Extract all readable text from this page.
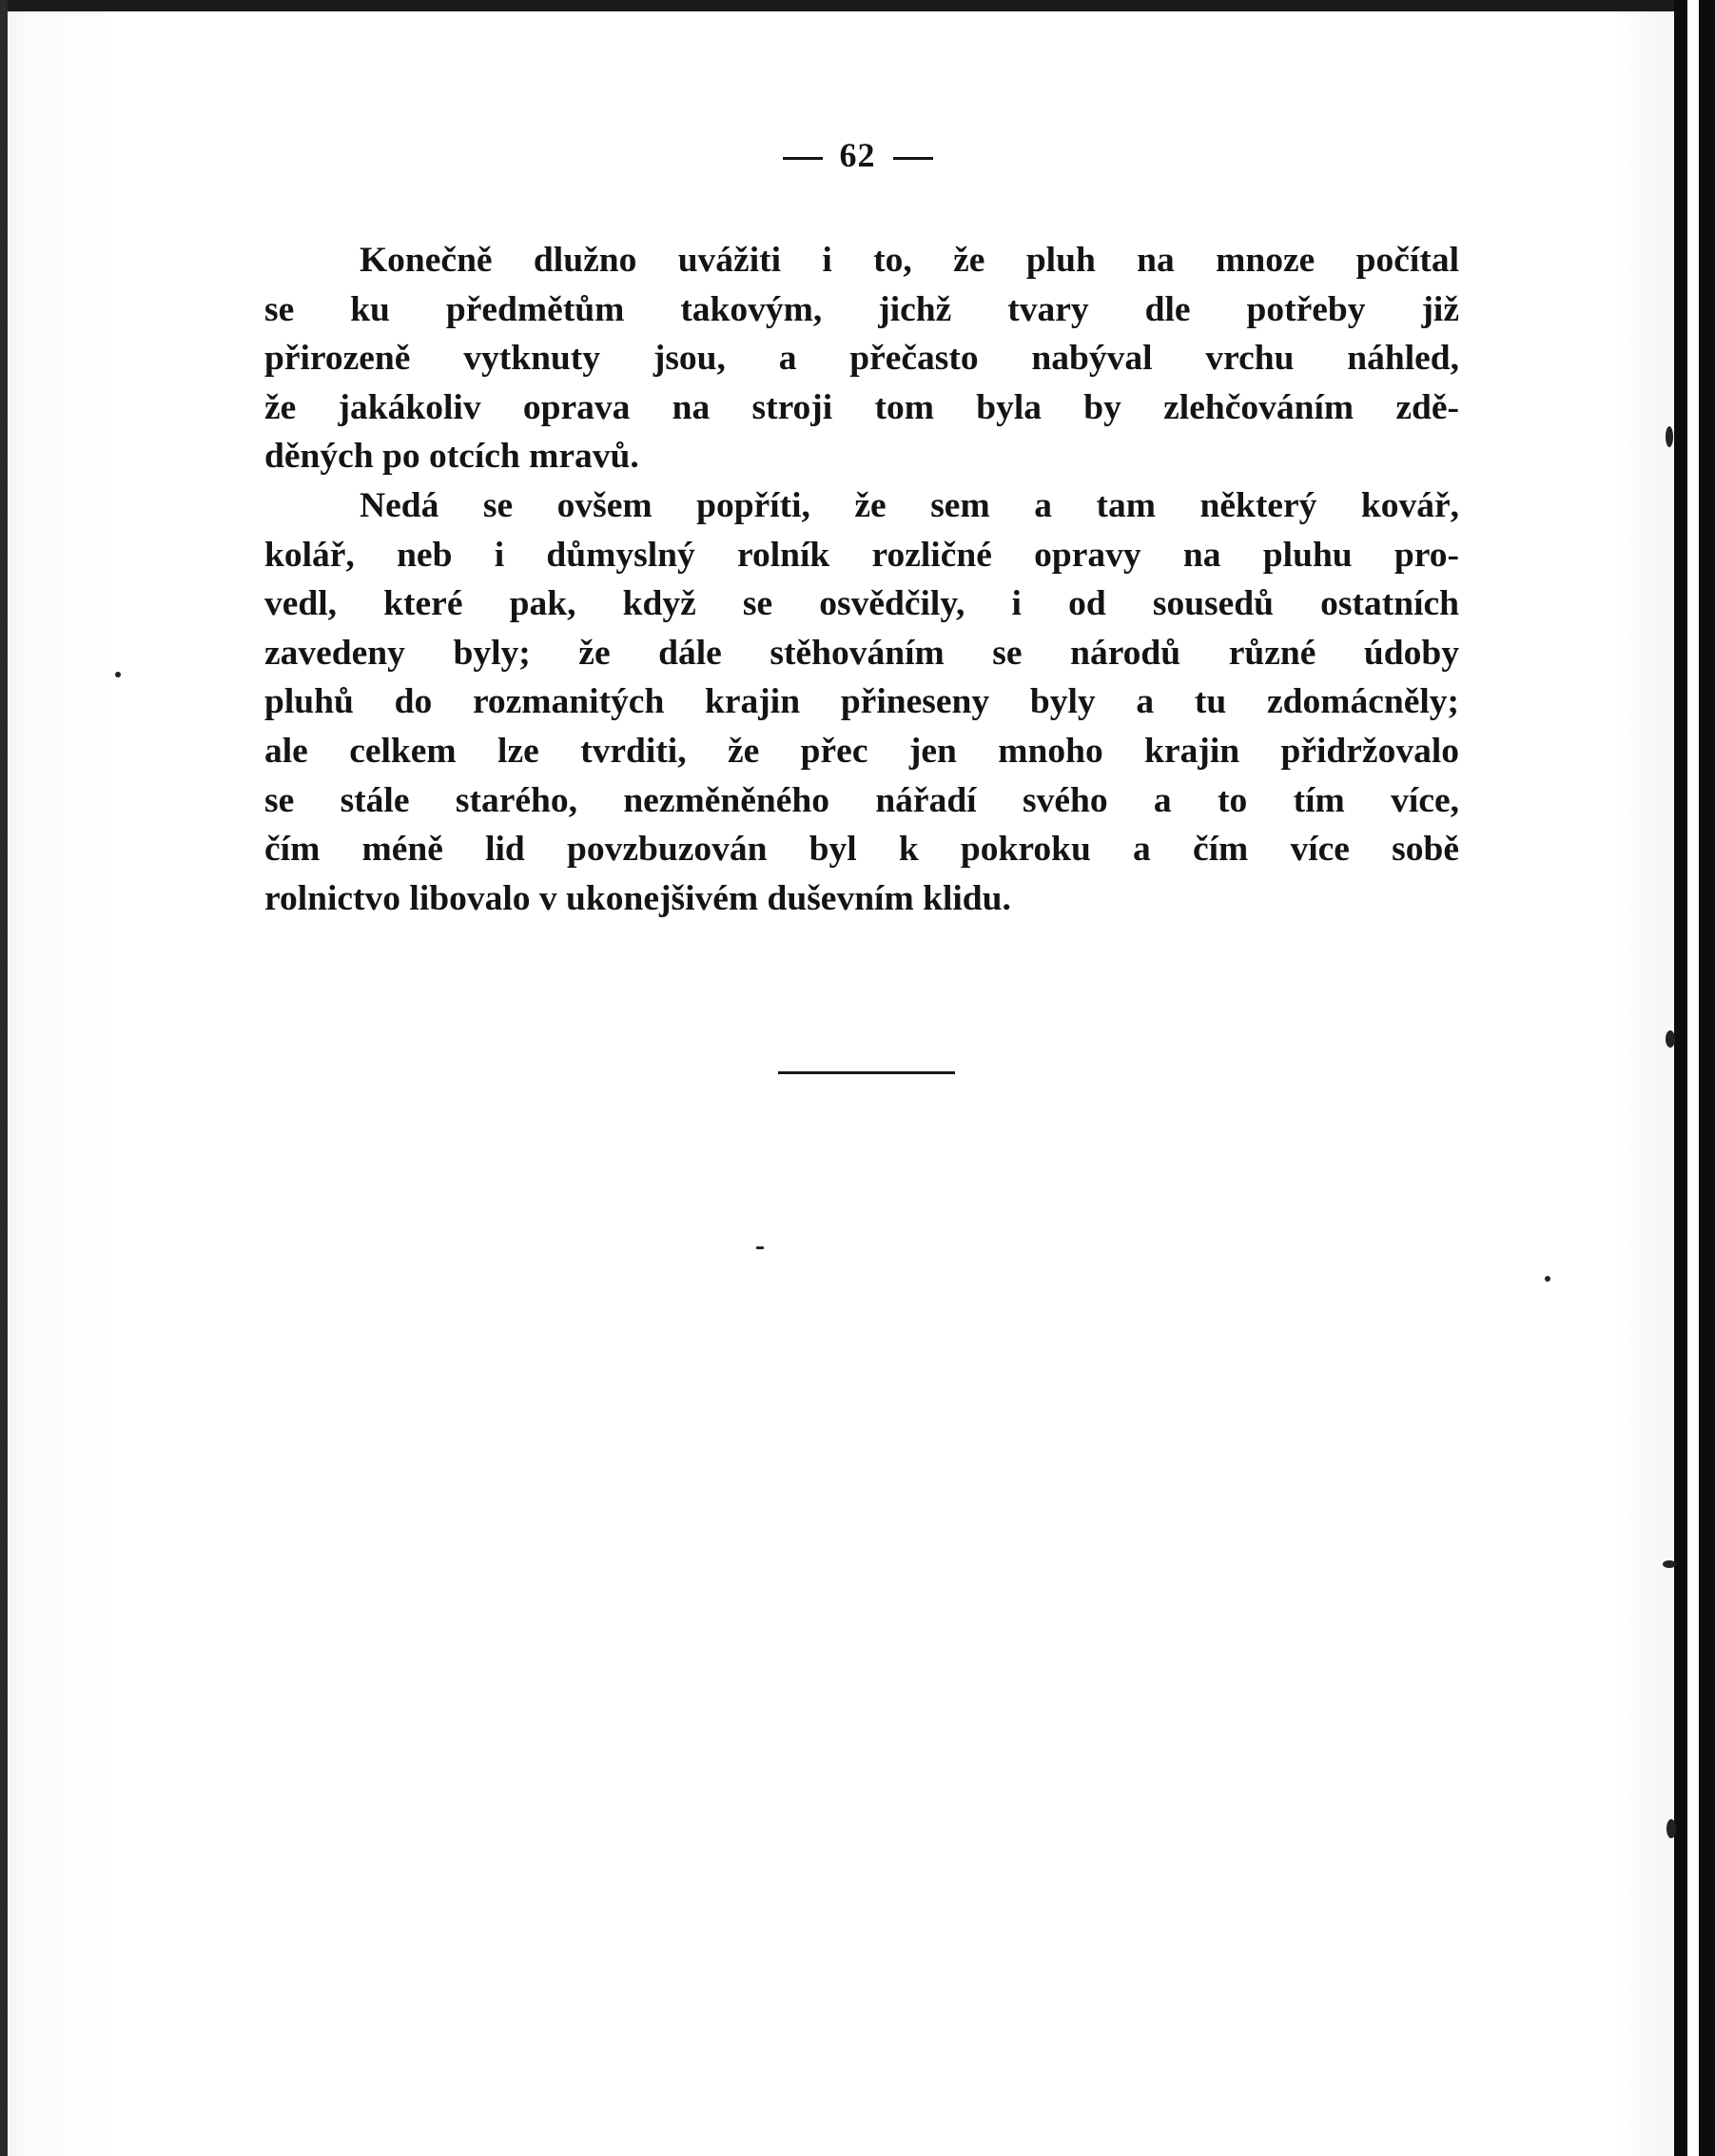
62

Konečně dlužno uvážiti i to, že pluh na mnoze počítal
se ku předmětům takovým, jichž tvary dle potřeby již
přirozeně vytknuty jsou, a přečasto nabýval vrchu náhled,
že jakákoliv oprava na stroji tom byla by zlehčováním zdě-
děných po otcích mravů.

Nedá se ovšem popříti, že sem a tam některý kovář,
kolář, neb i důmyslný rolník rozličné opravy na pluhu pro-
vedl, které pak, když se osvědčily, i od sousedů ostatních
zavedeny byly; že dále stěhováním se národů různé údoby
pluhů do rozmanitých krajin přineseny byly a tu zdomácněly;
ale celkem lze tvrditi, že přec jen mnoho krajin přidržovalo
se stále starého, nezměněného nářadí svého a to tím více,
čím méně lid povzbuzován byl k pokroku a čím více sobě
rolnictvo libovalo v ukonejšivém duševním klidu.
